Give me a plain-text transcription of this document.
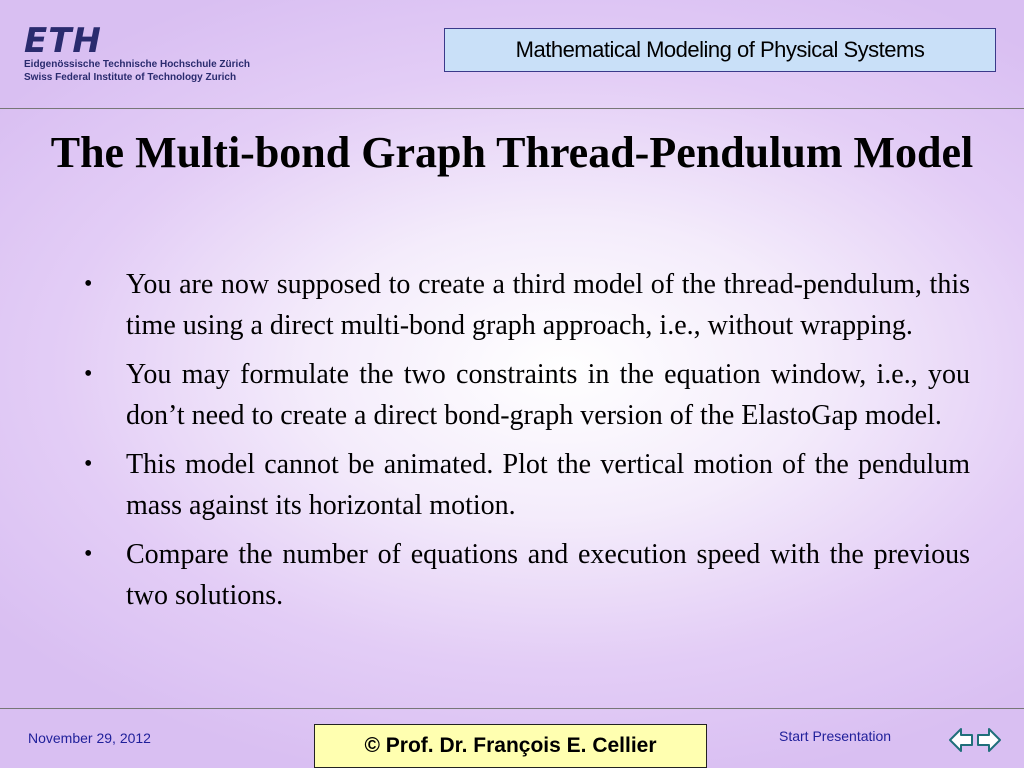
ETH
Eidgenössische Technische Hochschule Zürich
Swiss Federal Institute of Technology Zurich
Mathematical Modeling of Physical Systems
The Multi-bond Graph Thread-Pendulum Model
• You are now supposed to create a third model of the thread-pendulum, this time using a direct multi-bond graph approach, i.e., without wrapping.
• You may formulate the two constraints in the equation window, i.e., you don’t need to create a direct bond-graph version of the ElastoGap model.
• This model cannot be animated. Plot the vertical motion of the pendulum mass against its horizontal motion.
• Compare the number of equations and execution speed with the previous two solutions.
November 29, 2012	© Prof. Dr. François E. Cellier	Start Presentation
